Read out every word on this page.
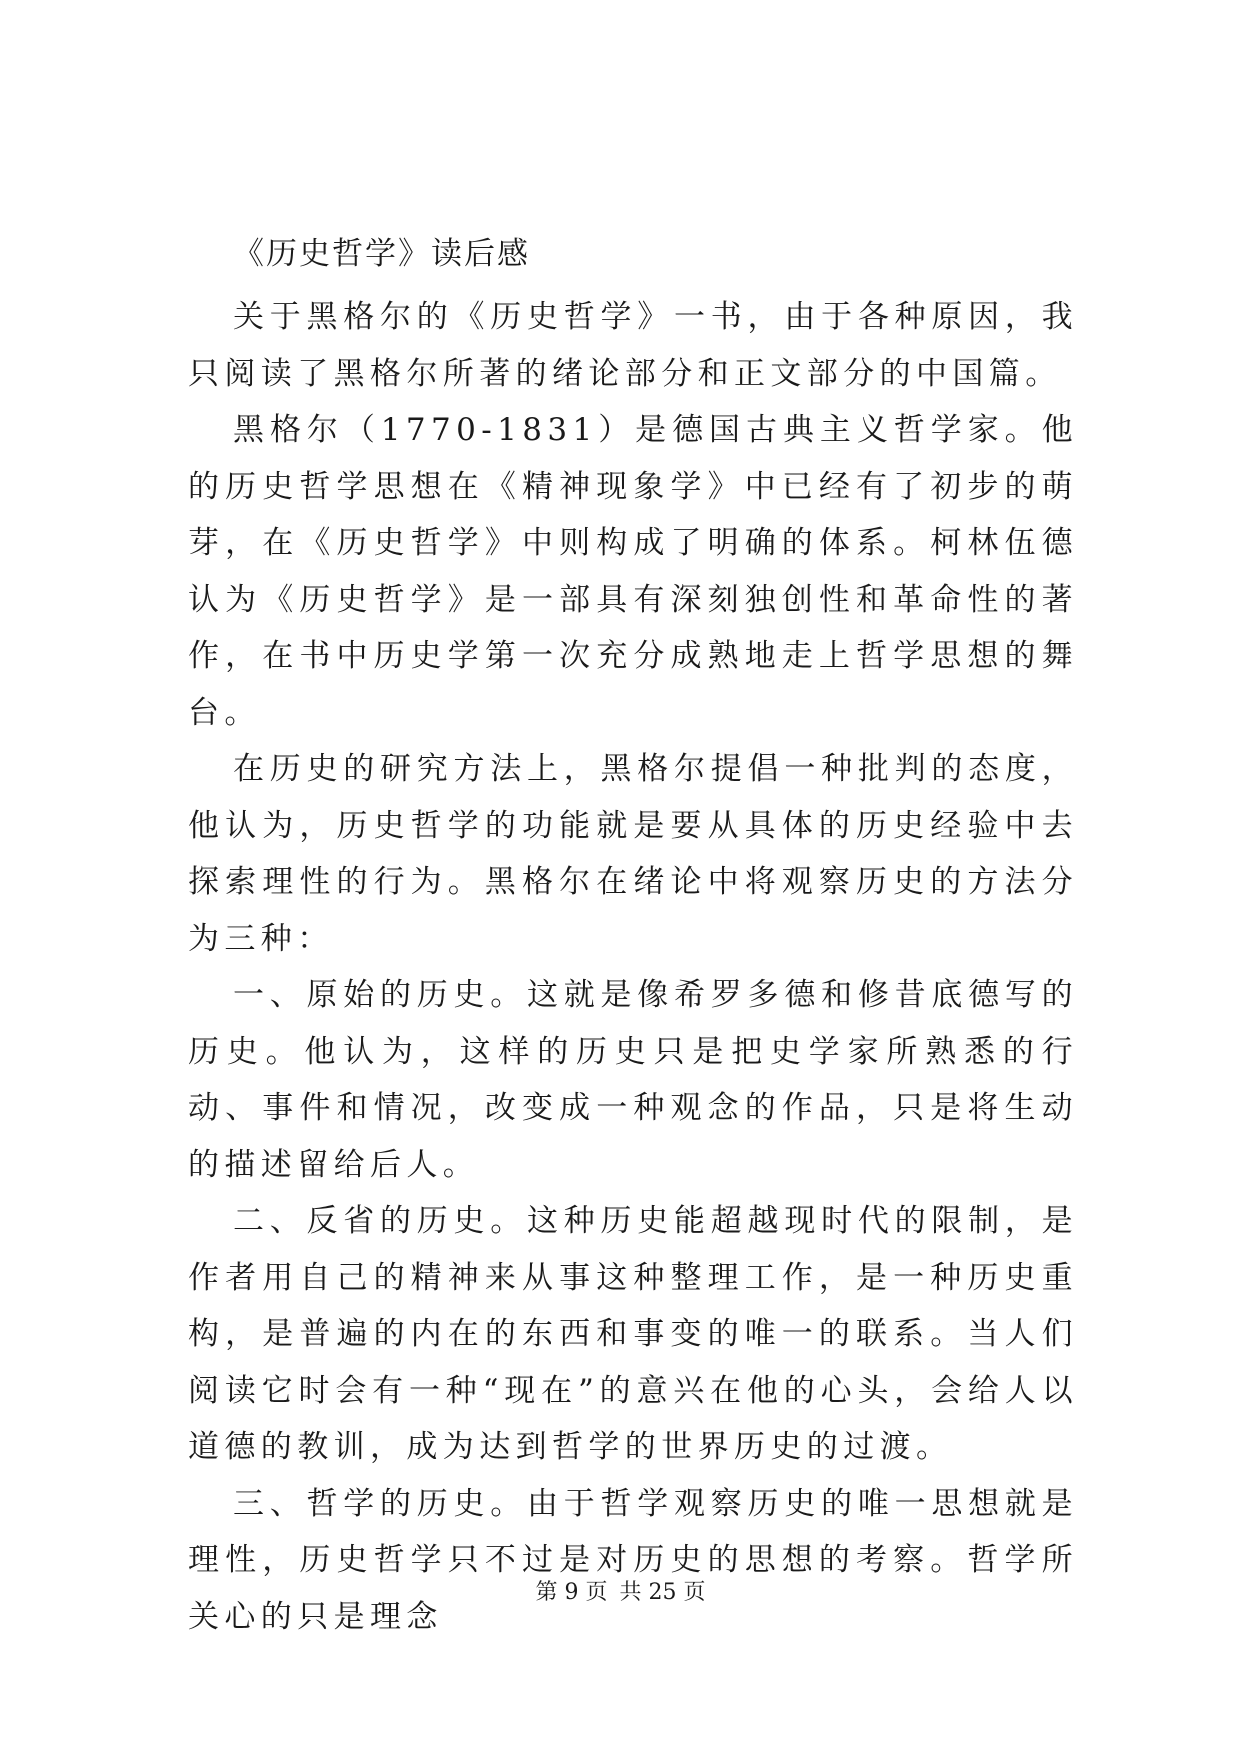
《历史哲学》读后感

关于黑格尔的《历史哲学》一书，由于各种原因，我只阅读了黑格尔所著的绪论部分和正文部分的中国篇。

黑格尔（1770-1831）是德国古典主义哲学家。他的历史哲学思想在《精神现象学》中已经有了初步的萌芽，在《历史哲学》中则构成了明确的体系。柯林伍德认为《历史哲学》是一部具有深刻独创性和革命性的著作，在书中历史学第一次充分成熟地走上哲学思想的舞台。

在历史的研究方法上，黑格尔提倡一种批判的态度，他认为，历史哲学的功能就是要从具体的历史经验中去探索理性的行为。黑格尔在绪论中将观察历史的方法分为三种：

一、原始的历史。这就是像希罗多德和修昔底德写的历史。他认为，这样的历史只是把史学家所熟悉的行动、事件和情况，改变成一种观念的作品，只是将生动的描述留给后人。

二、反省的历史。这种历史能超越现时代的限制，是作者用自己的精神来从事这种整理工作，是一种历史重构，是普遍的内在的东西和事变的唯一的联系。当人们阅读它时会有一种“现在”的意兴在他的心头，会给人以道德的教训，成为达到哲学的世界历史的过渡。

三、哲学的历史。由于哲学观察历史的唯一思想就是理性，历史哲学只不过是对历史的思想的考察。哲学所关心的只是理念

第 9 页 共 25 页
